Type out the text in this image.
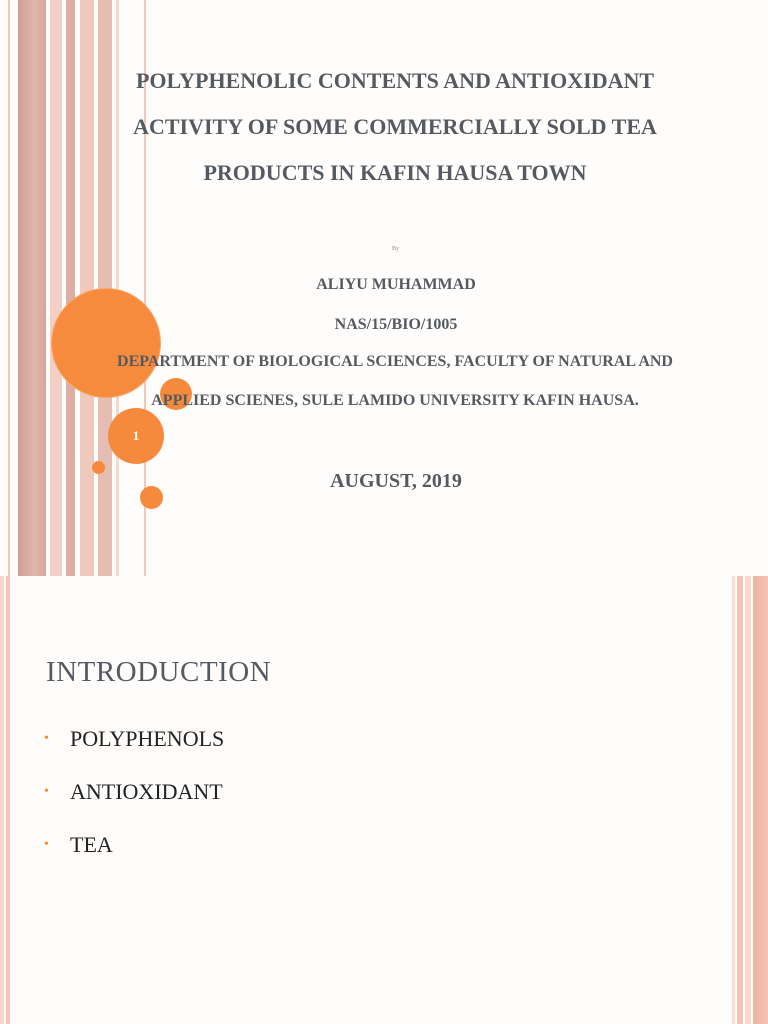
POLYPHENOLIC CONTENTS AND ANTIOXIDANT
ACTIVITY OF SOME COMMERCIALLY SOLD TEA
PRODUCTS IN KAFIN HAUSA TOWN
By
ALIYU MUHAMMAD
NAS/15/BIO/1005
1
DEPARTMENT OF BIOLOGICAL SCIENCES, FACULTY OF NATURAL AND
APPLIED SCIENES, SULE LAMIDO UNIVERSITY KAFIN HAUSA.
AUGUST, 2019
INTRODUCTION
• POLYPHENOLS
• ANTIOXIDANT
• TEA
